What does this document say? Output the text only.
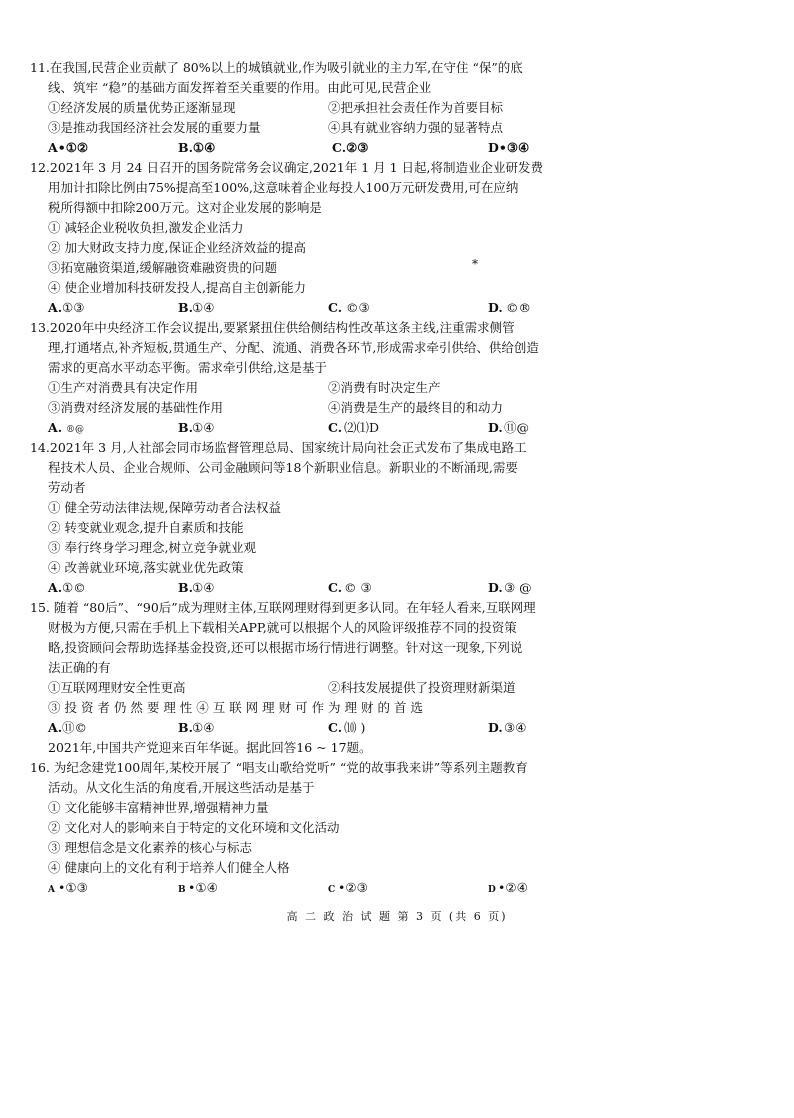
11.在我国,民营企业贡献了 80%以上的城镇就业,作为吸引就业的主力军,在守住 “保”的底
线、筑牢 “稳”的基础方面发挥着至关重要的作用。由此可见,民营企业
①经济发展的质量优势正逐渐显现	②把承担社会责任作为首要目标
③是推动我国经济社会发展的重要力量	④具有就业容纳力强的显著特点
A•①②	B.①④	C.②③	D•③④
12.2021年 3 月 24 日召开的国务院常务会议确定,2021年 1 月 1 日起,将制造业企业研发费
用加计扣除比例由75%提高至100%,这意味着企业每投人100万元研发费用,可在应纳
税所得额中扣除200万元。这对企业发展的影响是
① 减轻企业税收负担,激发企业活力
② 加大财政支持力度,保证企业经济效益的提高
③拓宽融资渠道,缓解融资难融资贵的问题	*
④ 使企业增加科技研发投人,提高自主创新能力
A. ①③	B. ①④	C. ©③	D. ©®
13.2020年中央经济工作会议提出,要紧紧扭住供给侧结构性改革这条主线,注重需求侧管
理,打通堵点,补齐短板,贯通生产、分配、流通、消费各环节,形成需求牵引供给、供给创造
需求的更高水平动态平衡。需求牵引供给,这是基于
①生产对消费具有决定作用	②消费有时决定生产
③消费对经济发展的基础性作用	④消费是生产的最终目的和动力
A. ®@	B. ①④	C. ⑵⑴D	D. ⑪@
14.2021年 3 月,人社部会同市场监督管理总局、国家统计局向社会正式发布了集成电路工
程技术人员、企业合规师、公司金融顾问等18个新职业信息。新职业的不断涌现,需要
劳动者
① 健全劳动法律法规,保障劳动者合法权益
② 转变就业观念,提升自素质和技能
③ 奉行终身学习理念,树立竞争就业观
④ 改善就业环境,落实就业优先政策
A. ①©	B. ①④	C. © ③	D. ③ @
15. 随着 “80后”、“90后”成为理财主体,互联网理财得到更多认同。在年轻人看来,互联网理
财极为方便,只需在手机上下载相关APP,就可以根据个人的风险评级推荐不同的投资策
略,投资顾问会帮助选择基金投资,还可以根据市场行情进行调整。针对这一现象,下列说
法正确的有
①互联网理财安全性更高	②科技发展提供了投资理财新渠道
③ 投 资 者 仍 然 要 理 性 ④ 互 联 网 理 财 可 作 为 理 财 的 首 选
A. ⑪©	B. ①④	C. ⑽ )	D. ③④
2021年,中国共产党迎来百年华诞。据此回答16 ~ 17题。
16. 为纪念建党100周年,某校开展了 “唱支山歌给党听” “党的故事我来讲”等系列主题教育
活动。从文化生活的角度看,开展这些活动是基于
① 文化能够丰富精神世界,增强精神力量
② 文化对人的影响来自于特定的文化环境和文化活动
③ 理想信念是文化素养的核心与标志
④ 健康向上的文化有利于培养人们健全人格
A •①③	B •①④	C •②③	D •②④
高 二 政 治 试 题 第 3 页 (共 6 页)
